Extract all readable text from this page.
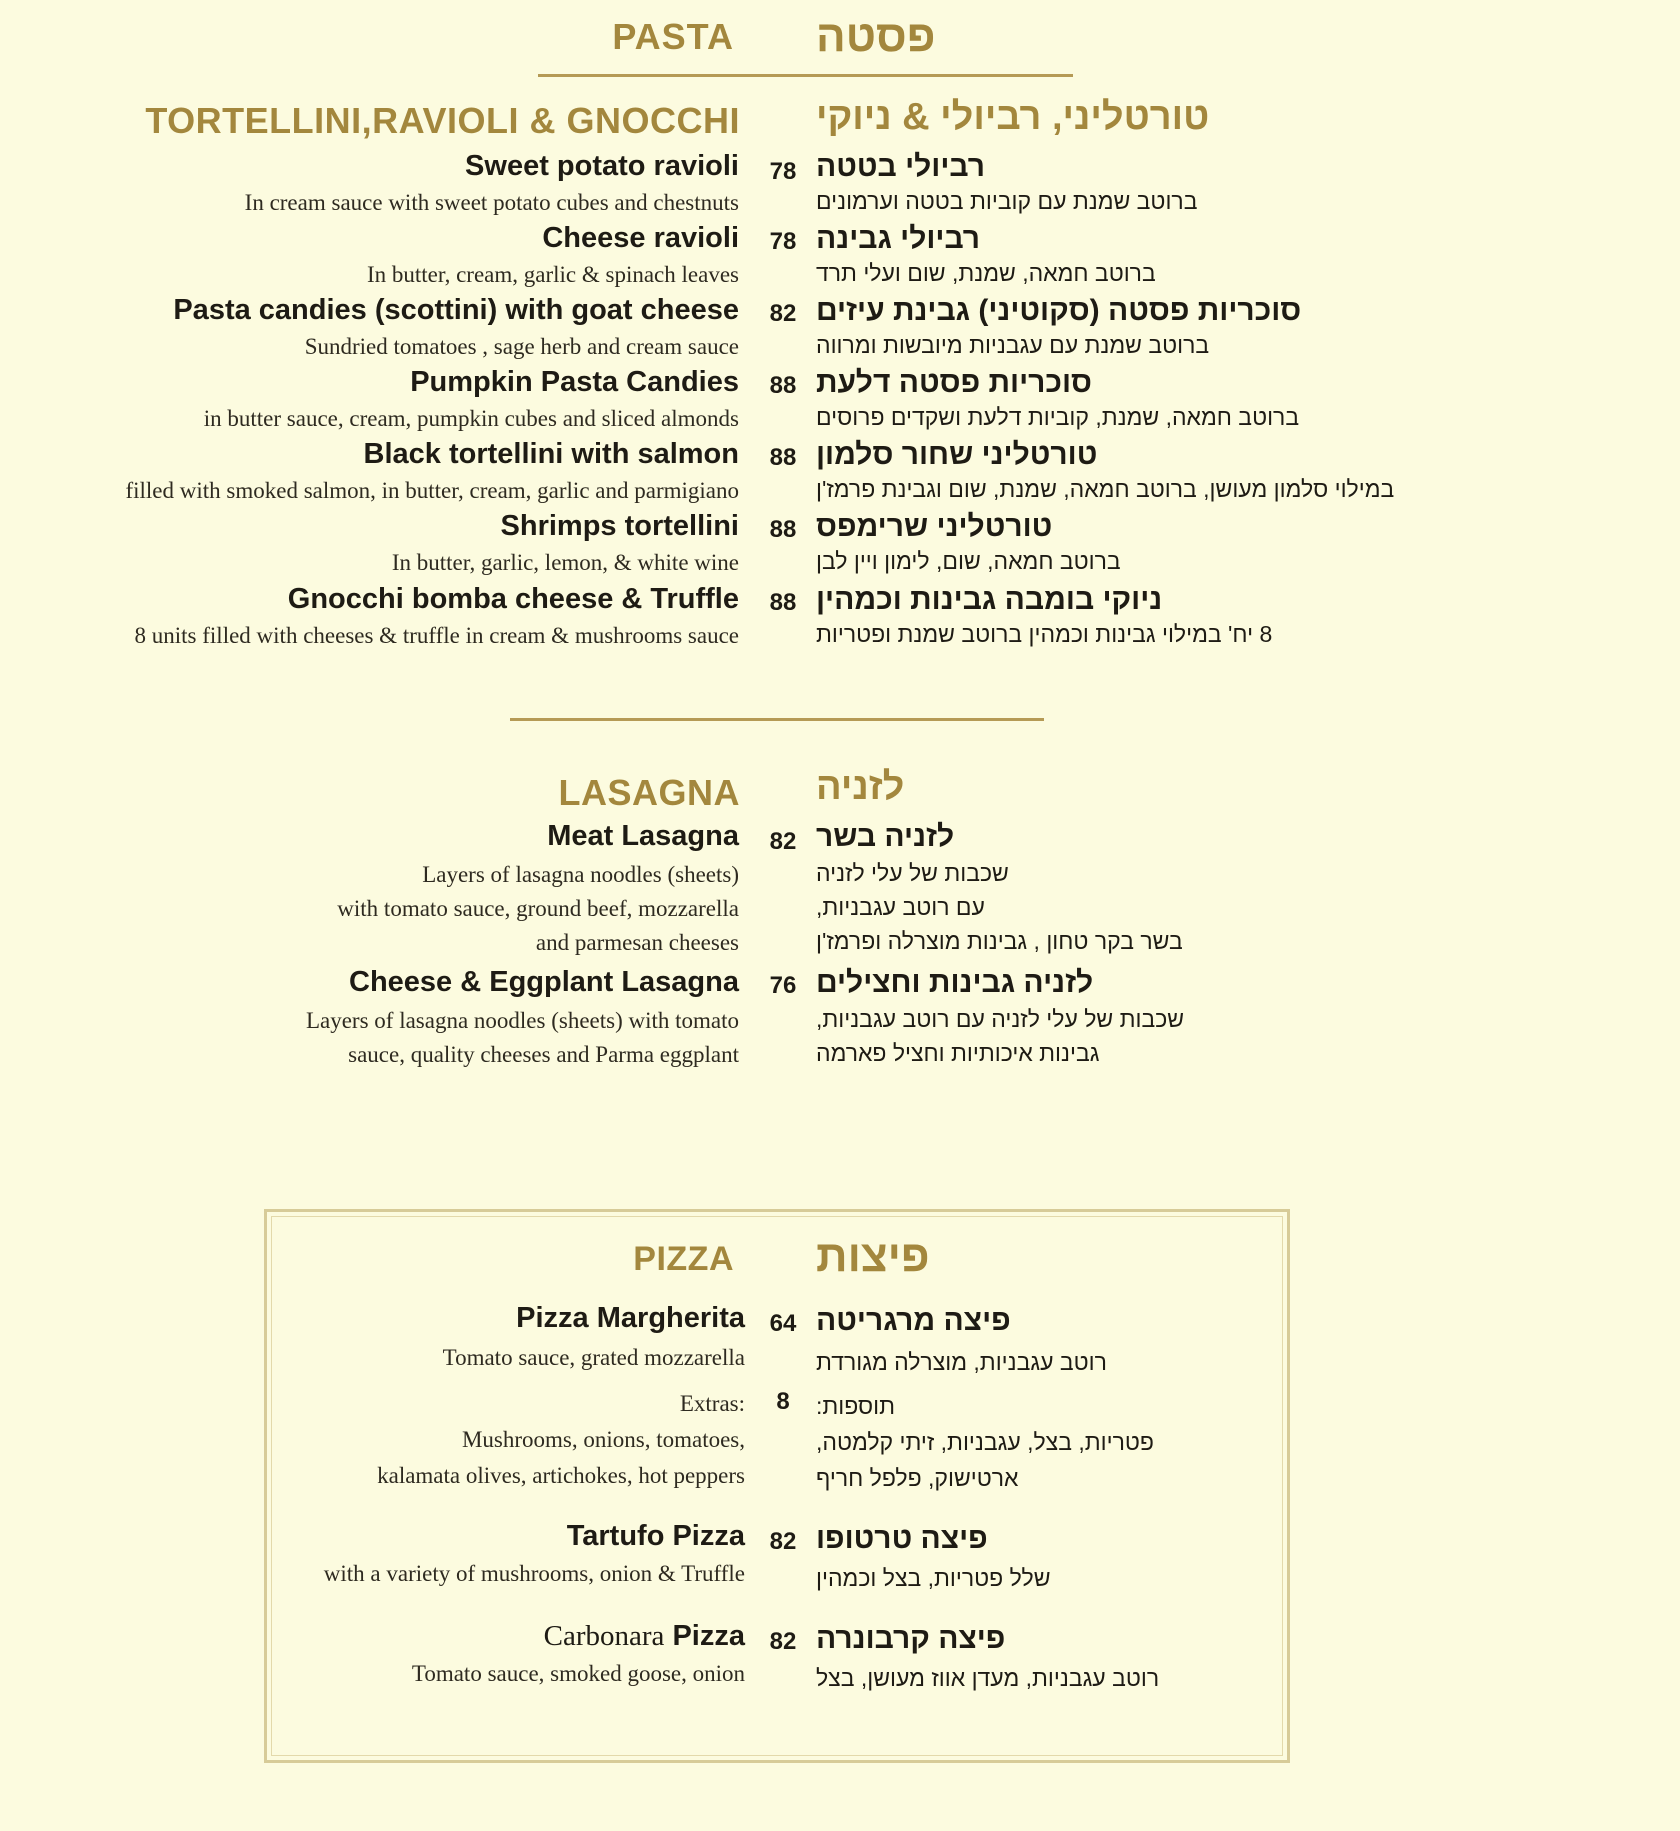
PASTA פסטה
TORTELLINI,RAVIOLI & GNOCCHI טורטליני, רביולי & ניוקי
Sweet potato ravioli
In cream sauce with sweet potato cubes and chestnuts
78 רביולי בטטה
ברוטב שמנת עם קוביות בטטה וערמונים
Cheese ravioli
In butter, cream, garlic & spinach leaves
78 רביולי גבינה
ברוטב חמאה, שמנת, שום ועלי תרד
Pasta candies (scottini) with goat cheese
Sundried tomatoes , sage herb and cream sauce
82 סוכריות פסטה (סקוטיני) גבינת עיזים
ברוטב שמנת עם עגבניות מיובשות ומרווה
Pumpkin Pasta Candies
in butter sauce, cream, pumpkin cubes and sliced almonds
88 סוכריות פסטה דלעת
ברוטב חמאה, שמנת, קוביות דלעת ושקדים פרוסים
Black tortellini with salmon
filled with smoked salmon, in butter, cream, garlic and parmigiano
88 טורטליני שחור סלמון
במילוי סלמון מעושן, ברוטב חמאה, שמנת, שום וגבינת פרמז'ן
Shrimps tortellini
In butter, garlic, lemon, & white wine
88 טורטליני שרימפס
ברוטב חמאה, שום, לימון ויין לבן
Gnocchi bomba cheese & Truffle
8 units filled with cheeses & truffle in cream & mushrooms sauce
88 ניוקי בומבה גבינות וכמהין
8 יח' במילוי גבינות וכמהין ברוטב שמנת ופטריות
LASAGNA לזניה
Meat Lasagna
Layers of lasagna noodles (sheets)
with tomato sauce, ground beef, mozzarella
and parmesan cheeses
82 לזניה בשר
שכבות של עלי לזניה
עם רוטב עגבניות,
בשר בקר טחון , גבינות מוצרלה ופרמז'ן
Cheese & Eggplant Lasagna
Layers of lasagna noodles (sheets) with tomato
sauce, quality cheeses and Parma eggplant
76 לזניה גבינות וחצילים
שכבות של עלי לזניה עם רוטב עגבניות,
גבינות איכותיות וחציל פארמה
PIZZA פיצות
Pizza Margherita
Tomato sauce, grated mozzarella
64 פיצה מרגריטה
רוטב עגבניות, מוצרלה מגורדת
Extras:
Mushrooms, onions, tomatoes,
kalamata olives, artichokes, hot peppers
8	תוספות:
פטריות, בצל, עגבניות, זיתי קלמטה,
ארטישוק, פלפל חריף
Tartufo Pizza
with a variety of mushrooms, onion & Truffle
82 פיצה טרטופו
שלל פטריות, בצל וכמהין
Carbonara Pizza
Tomato sauce, smoked goose, onion
82 פיצה קרבונרה
רוטב עגבניות, מעדן אווז מעושן, בצל
